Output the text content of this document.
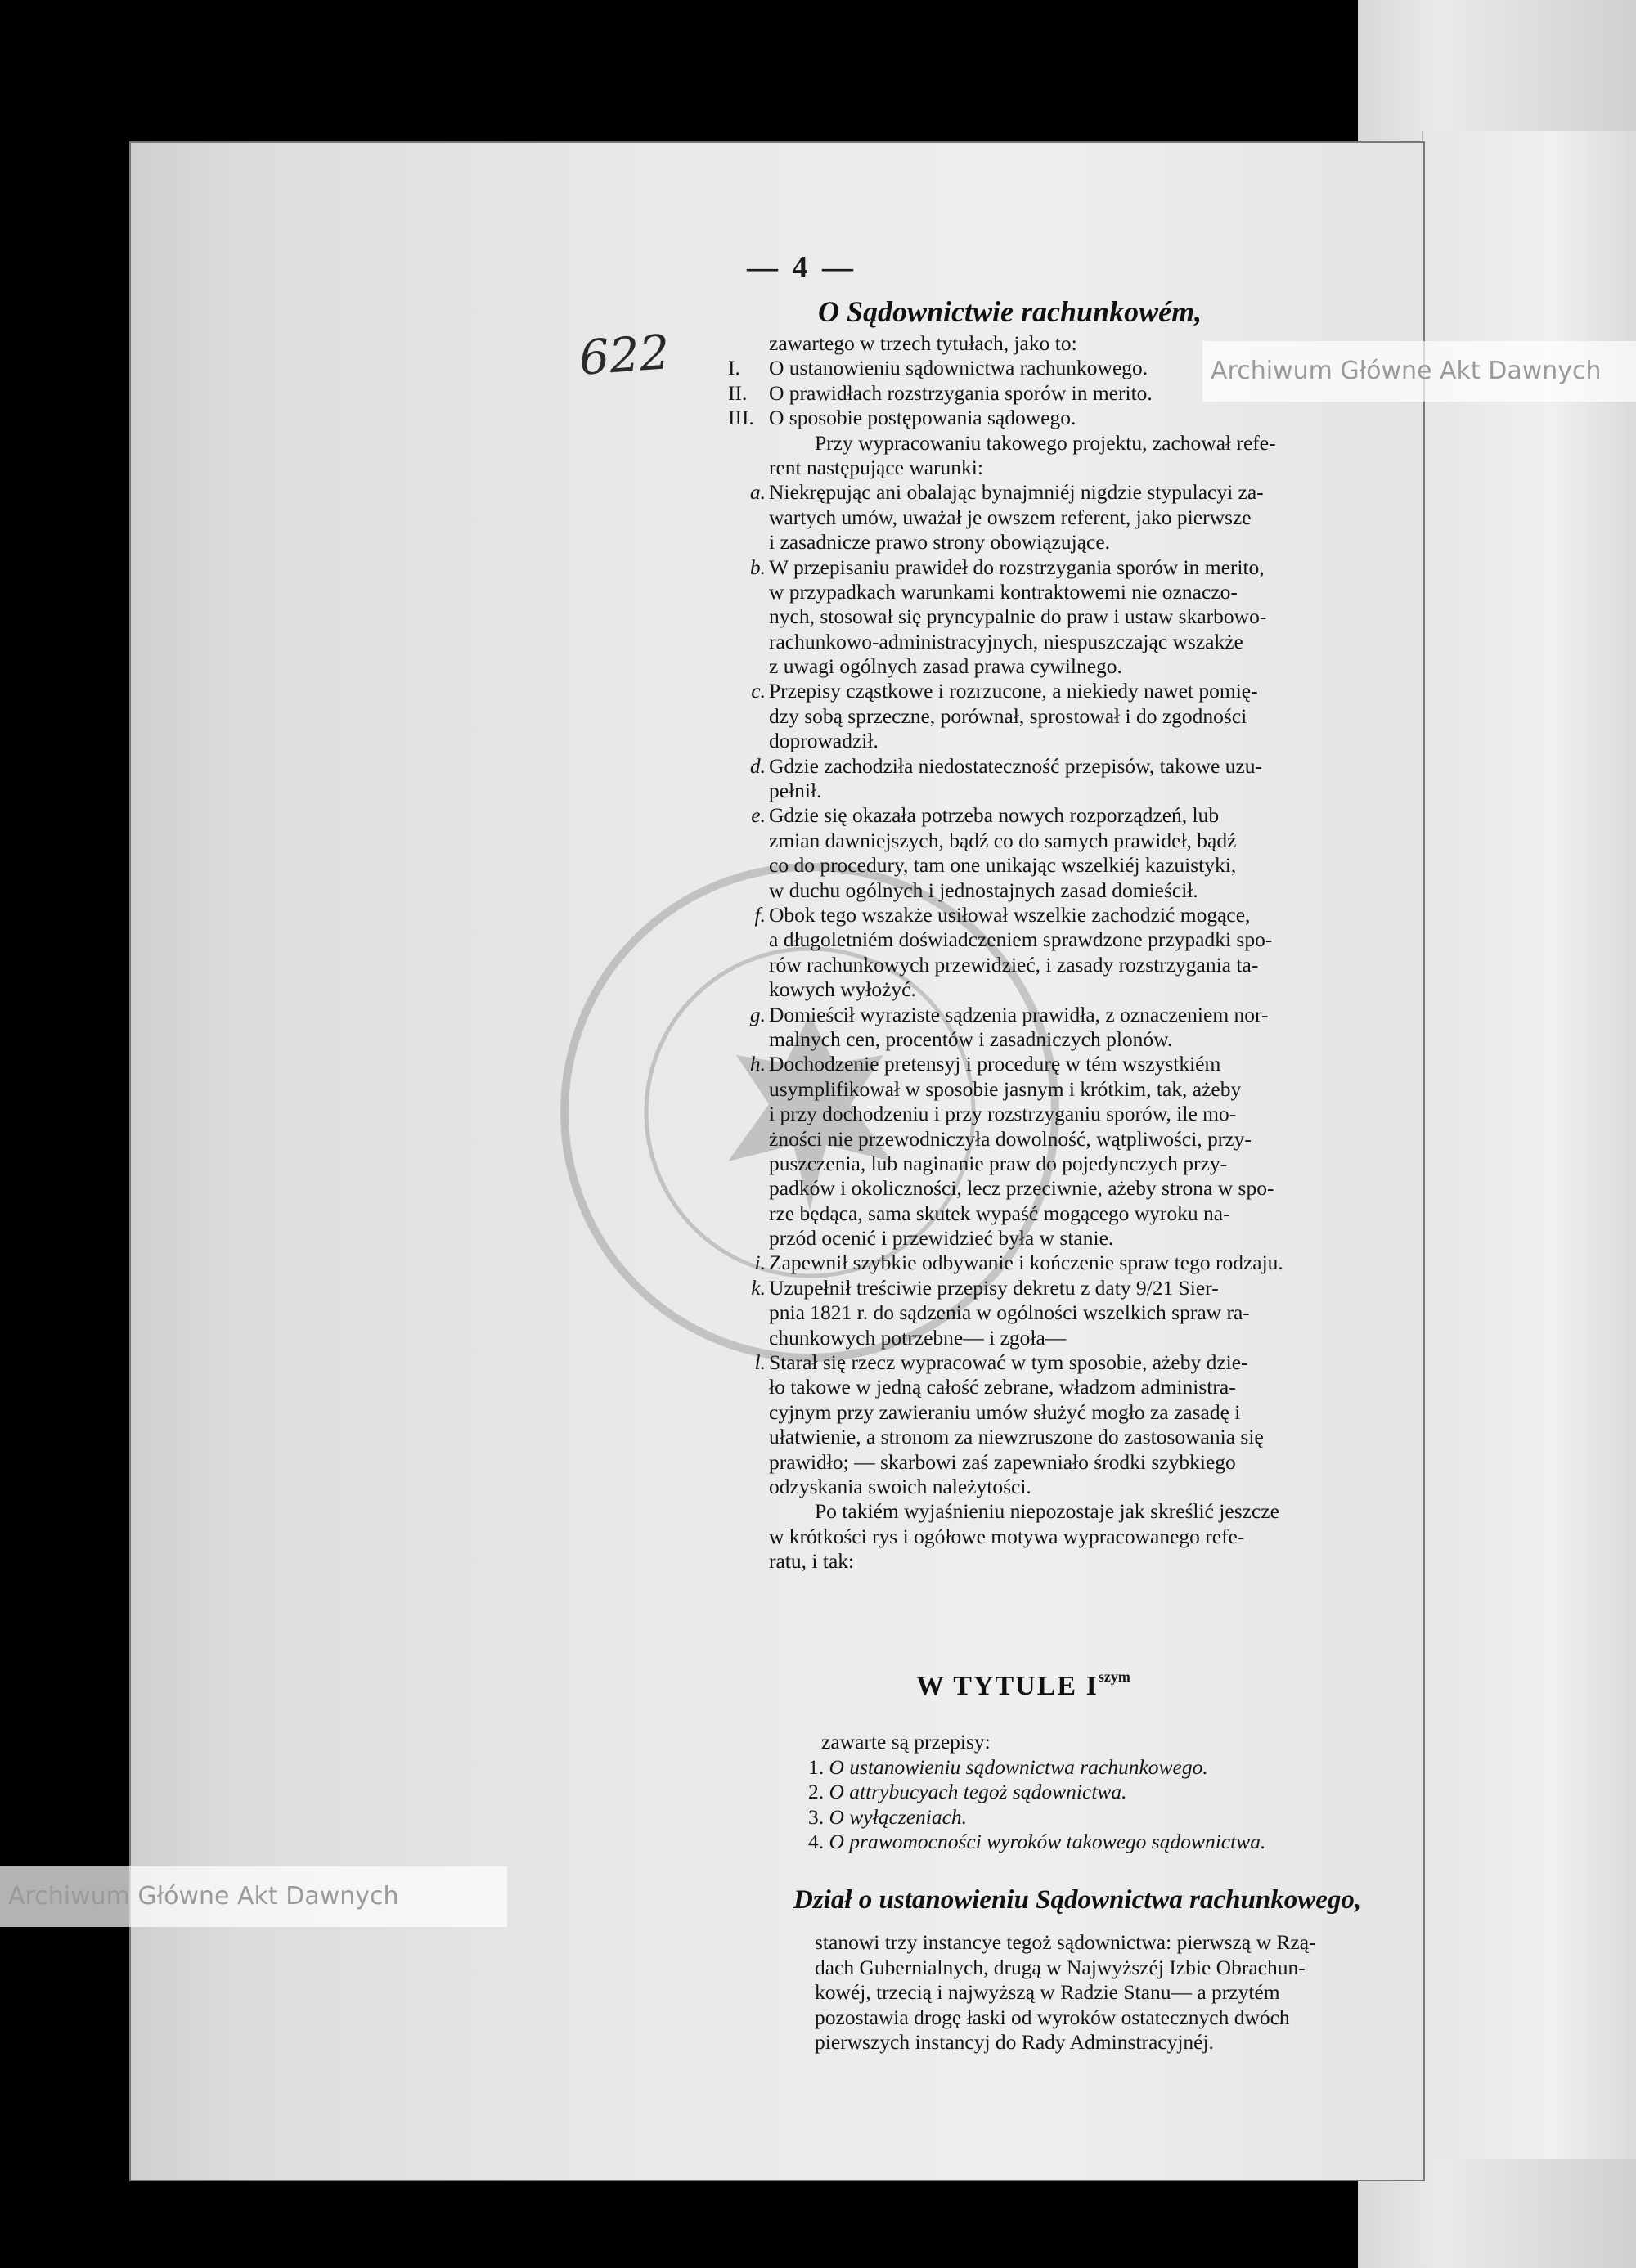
— 4 —
622
O Sądownictwie rachunkowém,
zawartego w trzech tytułach, jako to:
I.	O ustanowieniu sądownictwa rachunkowego.
II.	O prawidłach rozstrzygania sporów in merito.
III. O sposobie postępowania sądowego.
Przy wypracowaniu takowego projektu, zachował refe-
rent następujące warunki:
a. Niekrępując ani obalając bynajmniéj nigdzie stypulacyi za-
wartych umów, uważał je owszem referent, jako pierwsze
i zasadnicze prawo strony obowiązujące.
b. W przepisaniu prawideł do rozstrzygania sporów in merito,
w przypadkach warunkami kontraktowemi nie oznaczo-
nych, stosował się pryncypalnie do praw i ustaw skarbowo-
rachunkowo-administracyjnych, niespuszczając wszakże
z uwagi ogólnych zasad prawa cywilnego.
c. Przepisy cząstkowe i rozrzucone, a niekiedy nawet pomię-
dzy sobą sprzeczne, porównał, sprostował i do zgodności
doprowadził.
d. Gdzie zachodziła niedostateczność przepisów, takowe uzu-
pełnił.
e. Gdzie się okazała potrzeba nowych rozporządzeń, lub
zmian dawniejszych, bądź co do samych prawideł, bądź
co do procedury, tam one unikając wszelkiéj kazuistyki,
w duchu ogólnych i jednostajnych zasad domieścił.
f. Obok tego wszakże usiłował wszelkie zachodzić mogące,
a długoletniém doświadczeniem sprawdzone przypadki spo-
rów rachunkowych przewidzieć, i zasady rozstrzygania ta-
kowych wyłożyć.
g. Domieścił wyraziste sądzenia prawidła, z oznaczeniem nor-
malnych cen, procentów i zasadniczych plonów.
h. Dochodzenie pretensyj i procedurę w tém wszystkiém
usymplifikował w sposobie jasnym i krótkim, tak, ażeby
i przy dochodzeniu i przy rozstrzyganiu sporów, ile mo-
żności nie przewodniczyła dowolność, wątpliwości, przy-
puszczenia, lub naginanie praw do pojedynczych przy-
padków i okoliczności, lecz przeciwnie, ażeby strona w spo-
rze będąca, sama skutek wypaść mogącego wyroku na-
przód ocenić i przewidzieć była w stanie.
i. Zapewnił szybkie odbywanie i kończenie spraw tego rodzaju.
k. Uzupełnił treściwie przepisy dekretu z daty 9/21 Sier-
pnia 1821 r. do sądzenia w ogólności wszelkich spraw ra-
chunkowych potrzebne— i zgoła—
l. Starał się rzecz wypracować w tym sposobie, ażeby dzie-
ło takowe w jedną całość zebrane, władzom administra-
cyjnym przy zawieraniu umów służyć mogło za zasadę i
ułatwienie, a stronom za niewzruszone do zastosowania się
prawidło; — skarbowi zaś zapewniało środki szybkiego
odzyskania swoich należytości.
Po takiém wyjaśnieniu niepozostaje jak skreślić jeszcze
w krótkości rys i ogółowe motywa wypracowanego refe-
ratu, i tak:
W TYTULE $I^{szym}$
zawarte są przepisy:
1. O ustanowieniu sądownictwa rachunkowego.
2. O attrybucyach tegoż sądownictwa.
3. O wyłączeniach.
4. O prawomocności wyroków takowego sądownictwa.
Dział o ustanowieniu Sądownictwa rachunkowego,
stanowi trzy instancye tegoż sądownictwa: pierwszą w Rzą-
dach Gubernialnych, drugą w Najwyższéj Izbie Obrachun-
kowéj, trzecią i najwyższą w Radzie Stanu— a przytém
pozostawia drogę łaski od wyroków ostatecznych dwóch
pierwszych instancyj do Rady Adminstracyjnéj.
Archiwum Główne Akt Dawnych
Archiwum Główne Akt Dawnych
